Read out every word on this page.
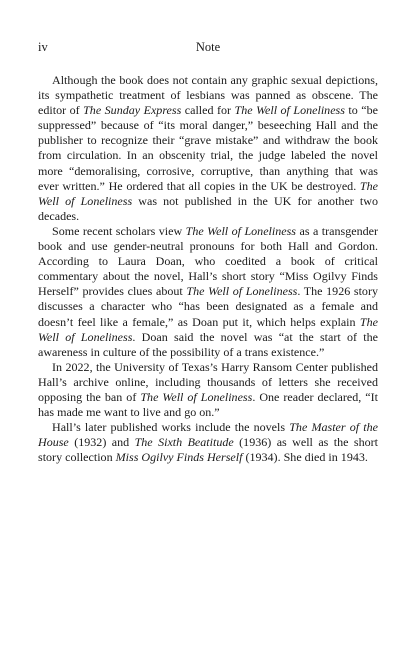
iv	Note

Although the book does not contain any graphic sexual depictions, its sympathetic treatment of lesbians was panned as obscene. The editor of The Sunday Express called for The Well of Loneliness to “be suppressed” because of “its moral danger,” beseeching Hall and the publisher to recognize their “grave mistake” and withdraw the book from circulation. In an obscenity trial, the judge labeled the novel more “demoralising, corrosive, corruptive, than anything that was ever written.” He ordered that all copies in the UK be destroyed. The Well of Loneliness was not published in the UK for another two decades.

Some recent scholars view The Well of Loneliness as a transgender book and use gender-neutral pronouns for both Hall and Gordon. According to Laura Doan, who coedited a book of critical commentary about the novel, Hall’s short story “Miss Ogilvy Finds Herself” provides clues about The Well of Loneliness. The 1926 story discusses a character who “has been designated as a female and doesn’t feel like a female,” as Doan put it, which helps explain The Well of Loneliness. Doan said the novel was “at the start of the awareness in culture of the possibility of a trans existence.”

In 2022, the University of Texas’s Harry Ransom Center published Hall’s archive online, including thousands of letters she received opposing the ban of The Well of Loneliness. One reader declared, “It has made me want to live and go on.”

Hall’s later published works include the novels The Master of the House (1932) and The Sixth Beatitude (1936) as well as the short story collection Miss Ogilvy Finds Herself (1934). She died in 1943.
